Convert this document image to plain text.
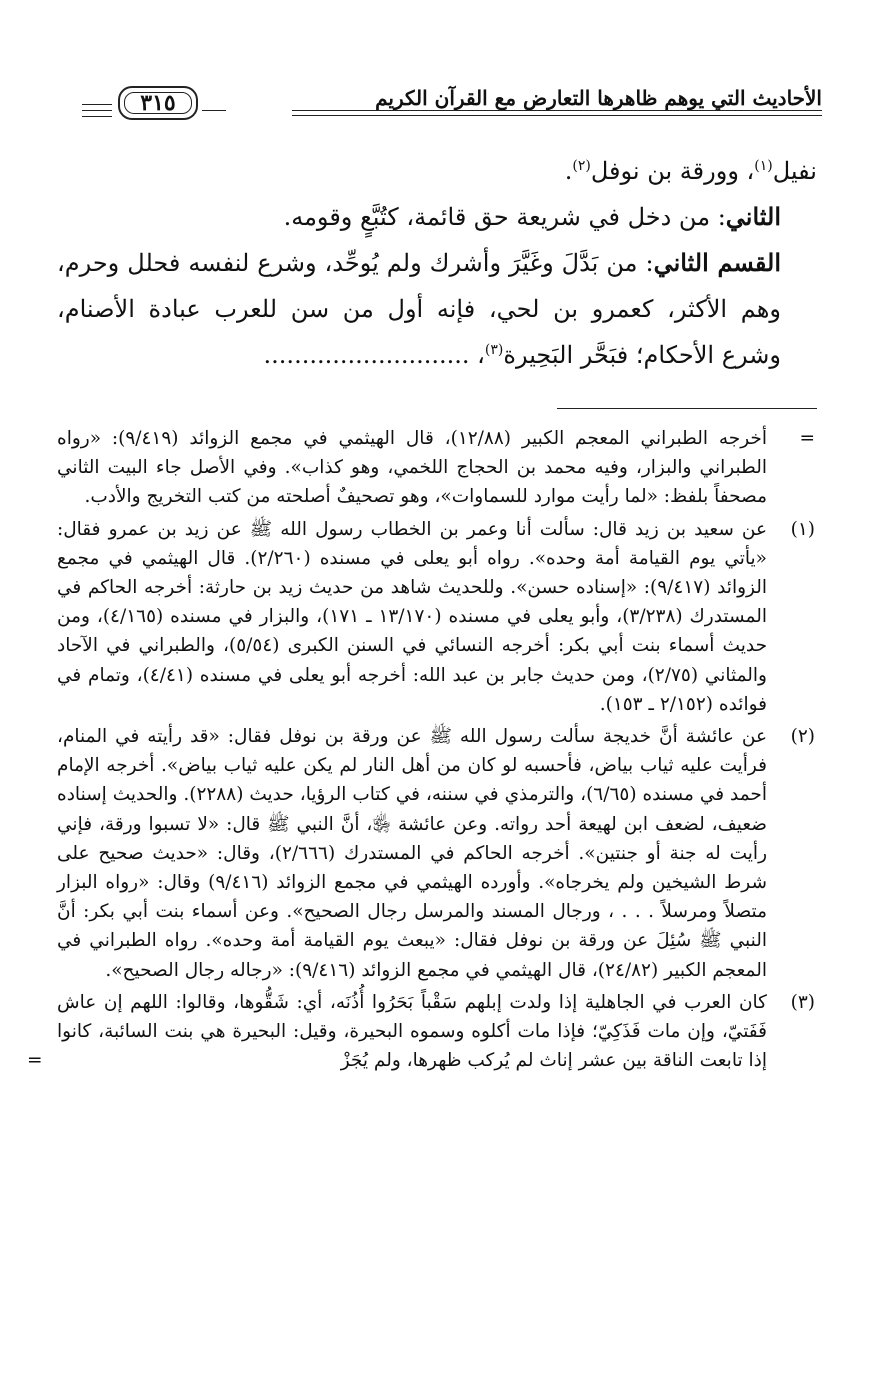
الأحاديث التي يوهم ظاهرها التعارض مع القرآن الكريم
٣١٥

نفيل$^{(١)}$، وورقة بن نوفل$^{(٢)}$.

الثاني: من دخل في شريعة حق قائمة، كتُبَّعٍ وقومه.

القسم الثاني: من بَدَّلَ وغَيَّرَ وأشرك ولم يُوحِّد، وشرع لنفسه فحلل وحرم، وهم الأكثر، كعمرو بن لحي، فإنه أول من سن للعرب عبادة الأصنام، وشرع الأحكام؛ فبَحَّر البَحِيرة$^{(٣)}$، ...........................

=
أخرجه الطبراني المعجم الكبير (١٢/٨٨)، قال الهيثمي في مجمع الزوائد (٩/٤١٩): «رواه الطبراني والبزار، وفيه محمد بن الحجاج اللخمي، وهو كذاب». وفي الأصل جاء البيت الثاني مصحفاً بلفظ: «لما رأيت موارد للسماوات»، وهو تصحيفٌ أصلحته من كتب التخريج والأدب.
(١)
عن سعيد بن زيد قال: سألت أنا وعمر بن الخطاب رسول الله ﷺ عن زيد بن عمرو فقال: «يأتي يوم القيامة أمة وحده». رواه أبو يعلى في مسنده (٢/٢٦٠). قال الهيثمي في مجمع الزوائد (٩/٤١٧): «إسناده حسن». وللحديث شاهد من حديث زيد بن حارثة: أخرجه الحاكم في المستدرك (٣/٢٣٨)، وأبو يعلى في مسنده (١٣/١٧٠ ـ ١٧١)، والبزار في مسنده (٤/١٦٥)، ومن حديث أسماء بنت أبي بكر: أخرجه النسائي في السنن الكبرى (٥/٥٤)، والطبراني في الآحاد والمثاني (٢/٧٥)، ومن حديث جابر بن عبد الله: أخرجه أبو يعلى في مسنده (٤/٤١)، وتمام في فوائده (٢/١٥٢ ـ ١٥٣).
(٢)
عن عائشة أنَّ خديجة سألت رسول الله ﷺ عن ورقة بن نوفل فقال: «قد رأيته في المنام، فرأيت عليه ثياب بياض، فأحسبه لو كان من أهل النار لم يكن عليه ثياب بياض». أخرجه الإمام أحمد في مسنده (٦/٦٥)، والترمذي في سننه، في كتاب الرؤيا، حديث (٢٢٨٨). والحديث إسناده ضعيف، لضعف ابن لهيعة أحد رواته. وعن عائشة ﵂، أنَّ النبي ﷺ قال: «لا تسبوا ورقة، فإني رأيت له جنة أو جنتين». أخرجه الحاكم في المستدرك (٢/٦٦٦)، وقال: «حديث صحيح على شرط الشيخين ولم يخرجاه». وأورده الهيثمي في مجمع الزوائد (٩/٤١٦) وقال: «رواه البزار متصلاً ومرسلاً . . . ، ورجال المسند والمرسل رجال الصحيح». وعن أسماء بنت أبي بكر: أنَّ النبي ﷺ سُئِلَ عن ورقة بن نوفل فقال: «يبعث يوم القيامة أمة وحده». رواه الطبراني في المعجم الكبير (٢٤/٨٢)، قال الهيثمي في مجمع الزوائد (٩/٤١٦): «رجاله رجال الصحيح».
(٣)
كان العرب في الجاهلية إذا ولدت إبلهم سَقْباً بَحَرُوا أُذُنَه، أي: شَقُّوها، وقالوا: اللهم إن عاش فَفَتيّ، وإن مات فَذَكِيّ؛ فإذا مات أكلوه وسموه البحيرة، وقيل: البحيرة هي بنت السائبة، كانوا إذا تابعت الناقة بين عشر إناث لم يُركب ظهرها، ولم يُجَزْ
=
